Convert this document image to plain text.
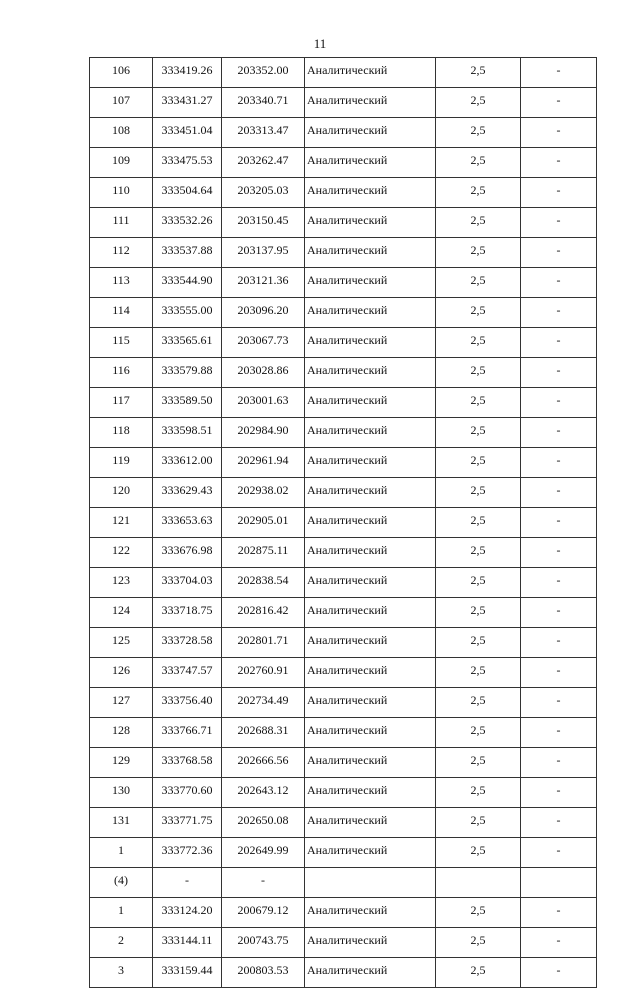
11
106	333419.26	203352.00	Аналитический	2,5	-
107	333431.27	203340.71	Аналитический	2,5	-
108	333451.04	203313.47	Аналитический	2,5	-
109	333475.53	203262.47	Аналитический	2,5	-
110	333504.64	203205.03	Аналитический	2,5	-
111	333532.26	203150.45	Аналитический	2,5	-
112	333537.88	203137.95	Аналитический	2,5	-
113	333544.90	203121.36	Аналитический	2,5	-
114	333555.00	203096.20	Аналитический	2,5	-
115	333565.61	203067.73	Аналитический	2,5	-
116	333579.88	203028.86	Аналитический	2,5	-
117	333589.50	203001.63	Аналитический	2,5	-
118	333598.51	202984.90	Аналитический	2,5	-
119	333612.00	202961.94	Аналитический	2,5	-
120	333629.43	202938.02	Аналитический	2,5	-
121	333653.63	202905.01	Аналитический	2,5	-
122	333676.98	202875.11	Аналитический	2,5	-
123	333704.03	202838.54	Аналитический	2,5	-
124	333718.75	202816.42	Аналитический	2,5	-
125	333728.58	202801.71	Аналитический	2,5	-
126	333747.57	202760.91	Аналитический	2,5	-
127	333756.40	202734.49	Аналитический	2,5	-
128	333766.71	202688.31	Аналитический	2,5	-
129	333768.58	202666.56	Аналитический	2,5	-
130	333770.60	202643.12	Аналитический	2,5	-
131	333771.75	202650.08	Аналитический	2,5	-
1	333772.36	202649.99	Аналитический	2,5	-
(4)	-	-			
1	333124.20	200679.12	Аналитический	2,5	-
2	333144.11	200743.75	Аналитический	2,5	-
3	333159.44	200803.53	Аналитический	2,5	-
